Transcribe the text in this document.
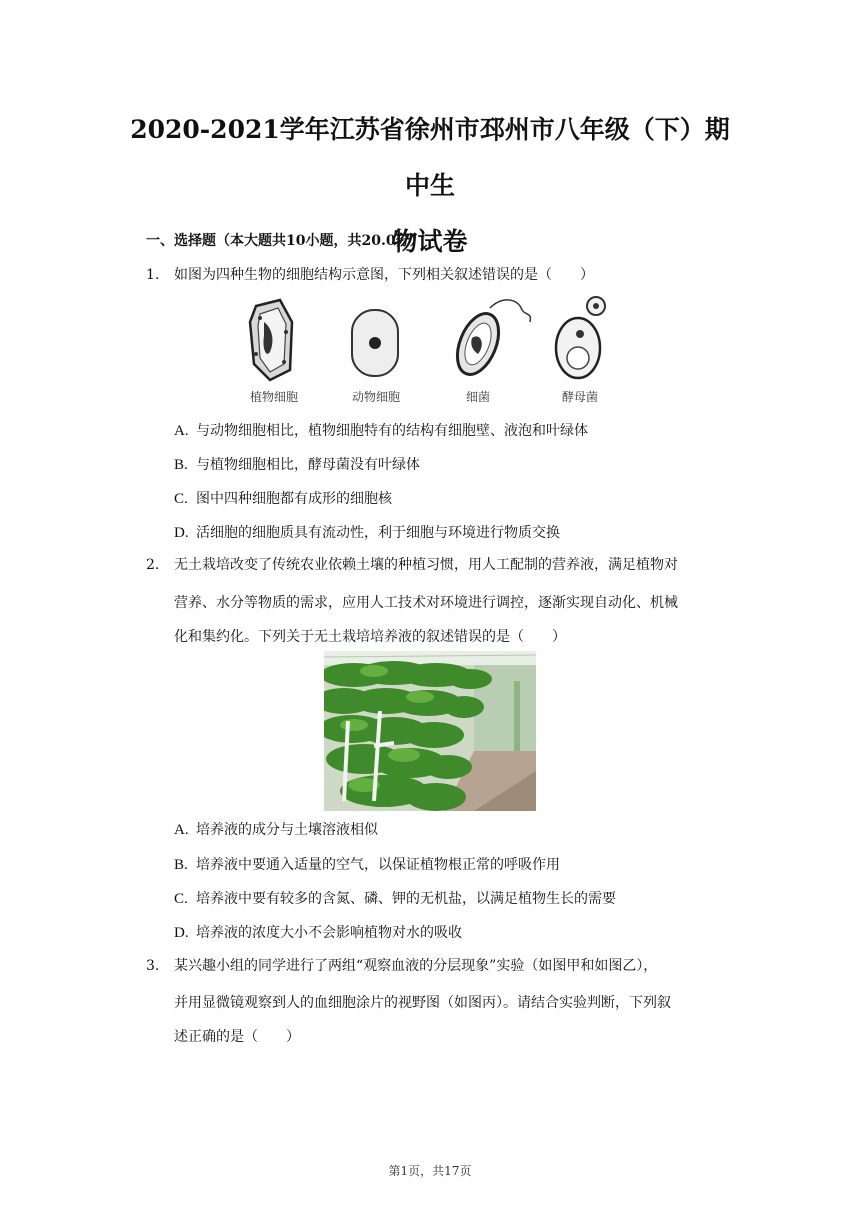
2020-2021学年江苏省徐州市邳州市八年级（下）期中生
物试卷
一、选择题（本大题共10小题，共20.0分）
1. 如图为四种生物的细胞结构示意图，下列相关叙述错误的是（　　）
植物细胞	动物细胞	细菌	酵母菌
A. 与动物细胞相比，植物细胞特有的结构有细胞壁、液泡和叶绿体
B. 与植物细胞相比，酵母菌没有叶绿体
C. 图中四种细胞都有成形的细胞核
D. 活细胞的细胞质具有流动性，利于细胞与环境进行物质交换
2. 无土栽培改变了传统农业依赖土壤的种植习惯，用人工配制的营养液，满足植物对
营养、水分等物质的需求，应用人工技术对环境进行调控，逐渐实现自动化、机械
化和集约化。下列关于无土栽培培养液的叙述错误的是（　　）
A. 培养液的成分与土壤溶液相似
B. 培养液中要通入适量的空气，以保证植物根正常的呼吸作用
C. 培养液中要有较多的含氮、磷、钾的无机盐，以满足植物生长的需要
D. 培养液的浓度大小不会影响植物对水的吸收
3. 某兴趣小组的同学进行了两组“观察血液的分层现象”实验（如图甲和如图乙），
并用显微镜观察到人的血细胞涂片的视野图（如图丙）。请结合实验判断，下列叙
述正确的是（　　）
第1页，共17页
